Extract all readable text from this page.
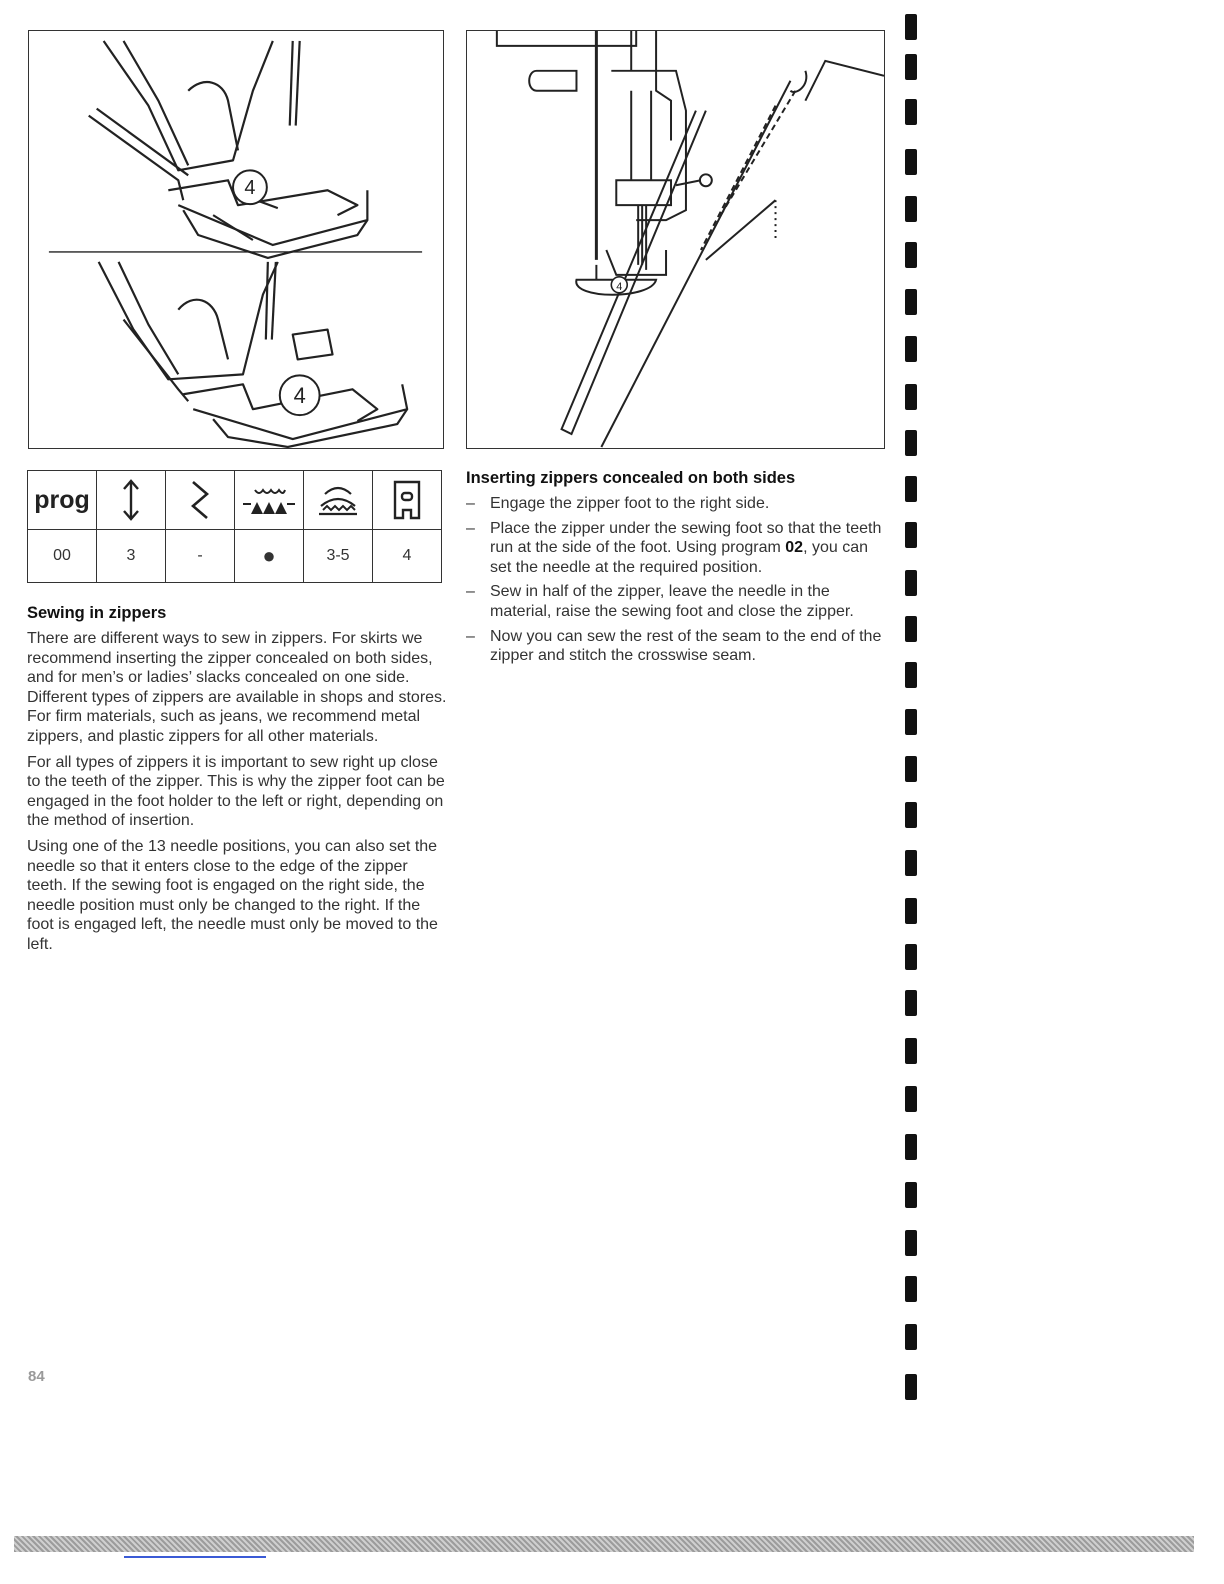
4
4
4
prog	

00	3	-	●	3-5	4
Sewing in zippers

There are different ways to sew in zippers. For skirts we recommend inserting the zipper concealed on both sides, and for men’s or ladies’ slacks concealed on one side. Different types of zippers are available in shops and stores. For firm materials, such as jeans, we recommend metal zippers, and plastic zippers for all other materials.

For all types of zippers it is important to sew right up close to the teeth of the zipper. This is why the zipper foot can be engaged in the foot holder to the left or right, depending on the method of insertion.

Using one of the 13 needle positions, you can also set the needle so that it enters close to the edge of the zipper teeth. If the sewing foot is engaged on the right side, the needle position must only be changed to the right. If the foot is engaged left, the needle must only be moved to the left.

Inserting zippers concealed on both sides
– Engage the zipper foot to the right side.
– Place the zipper under the sewing foot so that the teeth run at the side of the foot. Using program 02, you can set the needle at the required position.
– Sew in half of the zipper, leave the needle in the material, raise the sewing foot and close the zipper.
– Now you can sew the rest of the seam to the end of the zipper and stitch the crosswise seam.
84
